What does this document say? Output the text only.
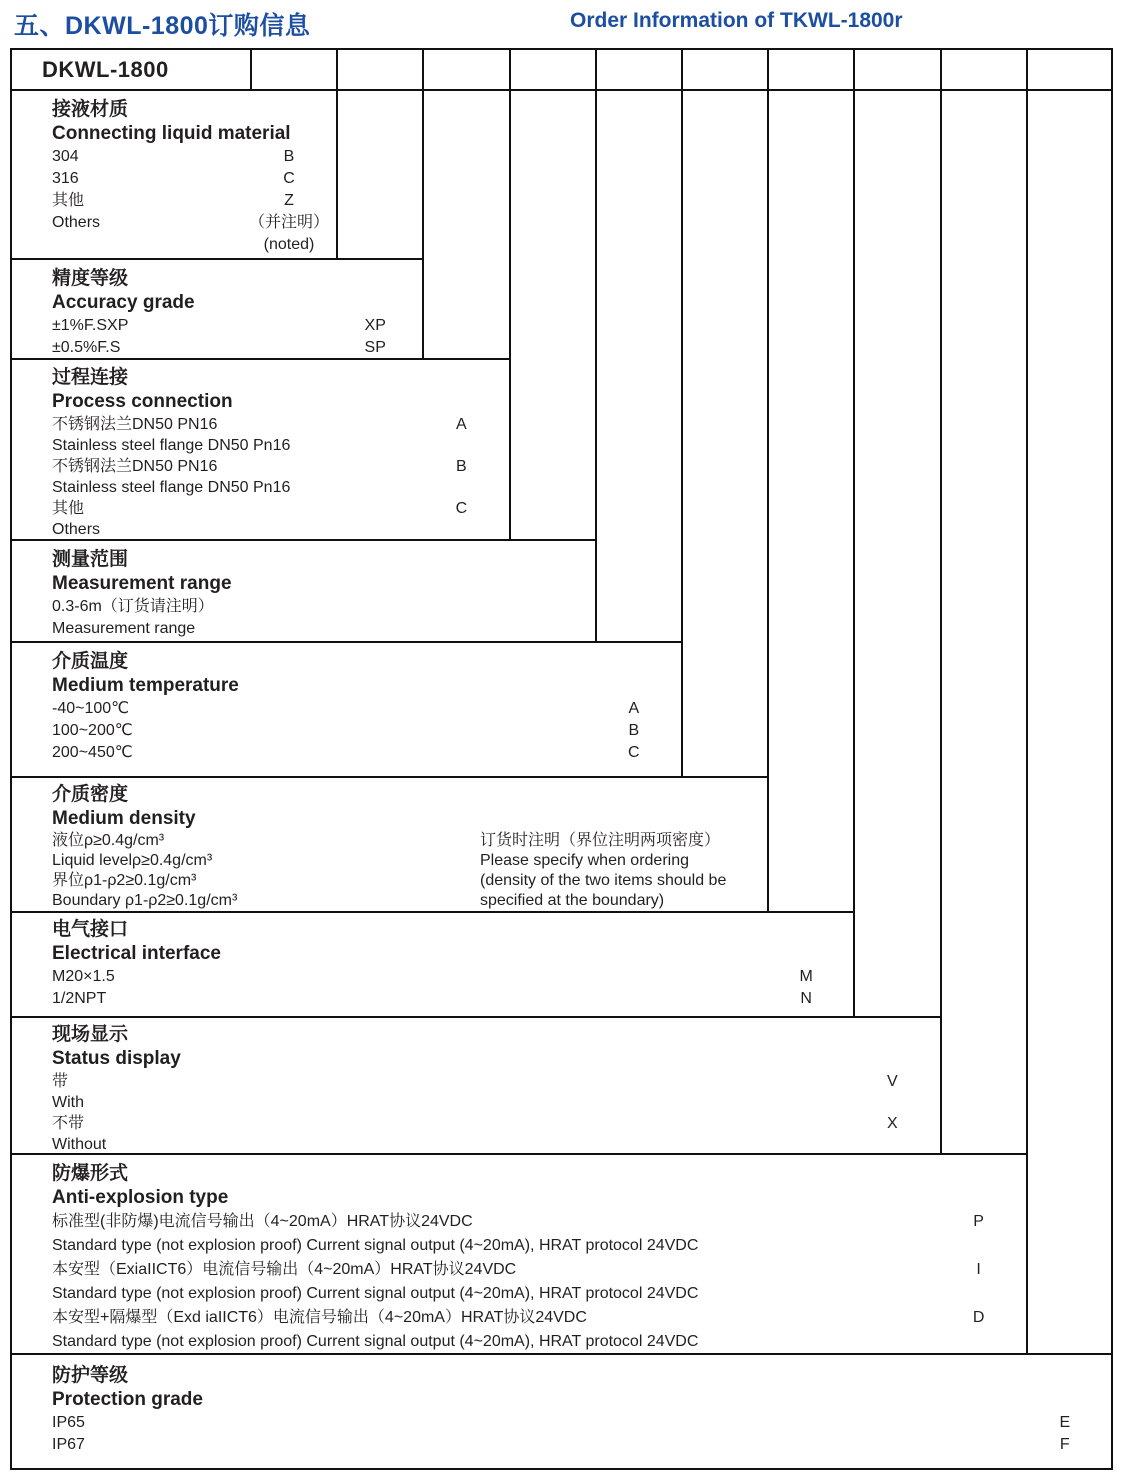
五、DKWL-1800订购信息	Order Information of TKWL-1800r
DKWL-1800
接液材质
Connecting liquid material
304	B
316	C
其他	Z
Others	（并注明）
(noted)
精度等级
Accuracy grade
±1%F.SXP	XP
±0.5%F.S	SP
过程连接
Process connection
不锈钢法兰DN50 PN16	A
Stainless steel flange DN50 Pn16
不锈钢法兰DN50 PN16	B
Stainless steel flange DN50 Pn16
其他	C
Others
测量范围
Measurement range
0.3-6m（订货请注明）
Measurement range
介质温度
Medium temperature
-40~100℃	A
100~200℃	B
200~450℃	C
介质密度
Medium density
液位ρ≥0.4g/cm³
Liquid levelρ≥0.4g/cm³
界位ρ1-ρ2≥0.1g/cm³
Boundary ρ1-ρ2≥0.1g/cm³
订货时注明（界位注明两项密度）
Please specify when ordering
(density of the two items should be
specified at the boundary)
电气接口
Electrical interface
M20×1.5	M
1/2NPT	N
现场显示
Status display
带	V
With
不带	X
Without
防爆形式
Anti-explosion type
标准型(非防爆)电流信号输出（4~20mA）HRAT协议24VDC	P
Standard type (not explosion proof) Current signal output (4~20mA), HRAT protocol 24VDC
本安型（ExiaIICT6）电流信号输出（4~20mA）HRAT协议24VDC	I
Standard type (not explosion proof) Current signal output (4~20mA), HRAT protocol 24VDC
本安型+隔爆型（Exd iaIICT6）电流信号输出（4~20mA）HRAT协议24VDC	D
Standard type (not explosion proof) Current signal output (4~20mA), HRAT protocol 24VDC
防护等级
Protection grade
IP65	E
IP67	F
